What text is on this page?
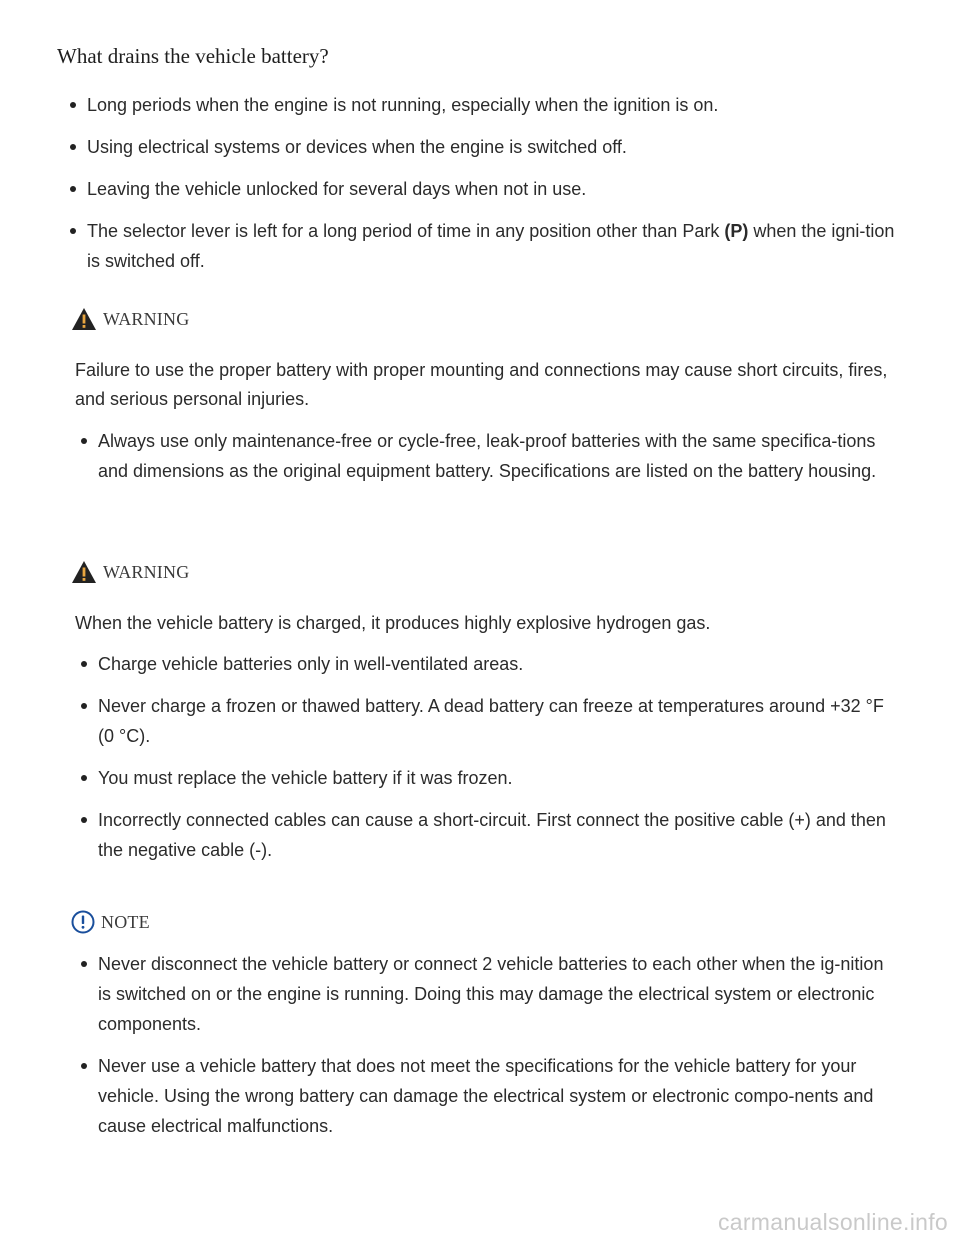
What drains the vehicle battery?
Long periods when the engine is not running, especially when the ignition is on.
Using electrical systems or devices when the engine is switched off.
Leaving the vehicle unlocked for several days when not in use.
The selector lever is left for a long period of time in any position other than Park (P) when the igni-tion is switched off.
WARNING

Failure to use the proper battery with proper mounting and connections may cause short circuits, fires, and serious personal injuries.

Always use only maintenance-free or cycle-free, leak-proof batteries with the same specifica-tions and dimensions as the original equipment battery. Specifications are listed on the battery housing.
WARNING

When the vehicle battery is charged, it produces highly explosive hydrogen gas.

Charge vehicle batteries only in well-ventilated areas.
Never charge a frozen or thawed battery. A dead battery can freeze at temperatures around +32 °F (0 °C).
You must replace the vehicle battery if it was frozen.
Incorrectly connected cables can cause a short-circuit. First connect the positive cable (+) and then the negative cable (-).
NOTE
Never disconnect the vehicle battery or connect 2 vehicle batteries to each other when the ig-nition is switched on or the engine is running. Doing this may damage the electrical system or electronic components.
Never use a vehicle battery that does not meet the specifications for the vehicle battery for your vehicle. Using the wrong battery can damage the electrical system or electronic compo-nents and cause electrical malfunctions.
carmanualsonline.info
